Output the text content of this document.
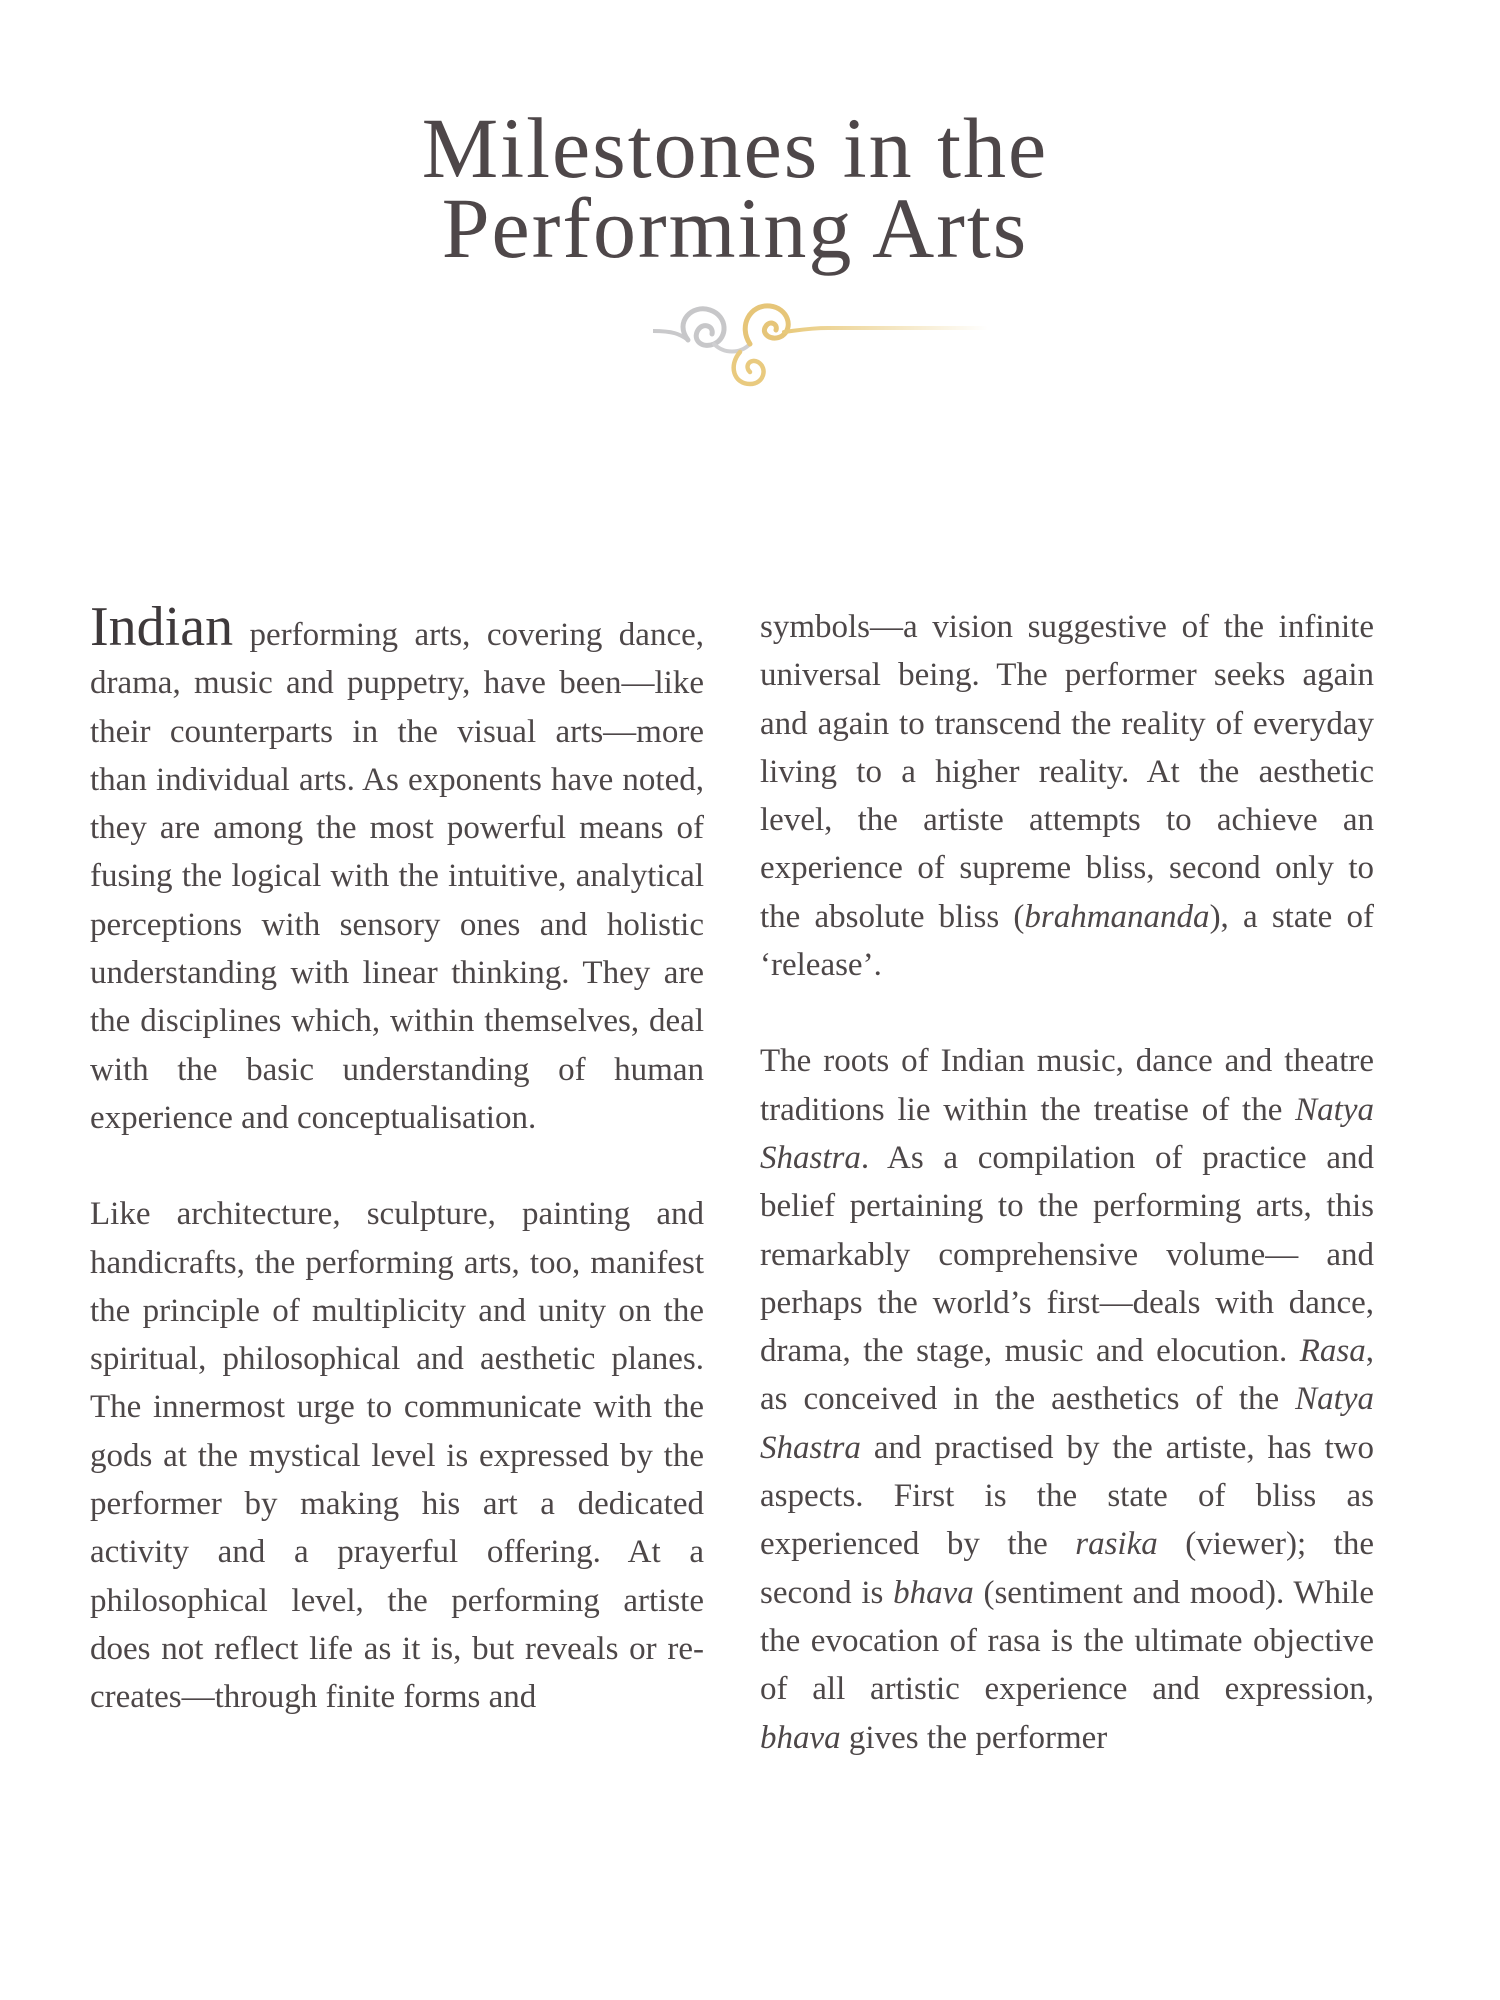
Milestones in the
Performing Arts

Indian performing arts, covering dance, drama, music and puppetry, have been—like their counterparts in the visual arts—more than individual arts. As exponents have noted, they are among the most powerful means of fusing the logical with the intuitive, analytical perceptions with sensory ones and holistic understanding with linear thinking. They are the disciplines which, within themselves, deal with the basic understanding of human experience and conceptualisation.

Like architecture, sculpture, painting and handicrafts, the performing arts, too, manifest the principle of multiplicity and unity on the spiritual, philosophical and aesthetic planes. The innermost urge to communicate with the gods at the mystical level is expressed by the performer by making his art a dedicated activity and a prayerful offering. At a philosophical level, the performing artiste does not reflect life as it is, but reveals or re-creates—through finite forms and

symbols—a vision suggestive of the infinite universal being. The performer seeks again and again to transcend the reality of everyday living to a higher reality. At the aesthetic level, the artiste attempts to achieve an experience of supreme bliss, second only to the absolute bliss (brahmananda), a state of ‘release’.

The roots of Indian music, dance and theatre traditions lie within the treatise of the Natya Shastra. As a compilation of practice and belief pertaining to the performing arts, this remarkably comprehensive volume— and perhaps the world’s first—deals with dance, drama, the stage, music and elocution. Rasa, as conceived in the aesthetics of the Natya Shastra and practised by the artiste, has two aspects. First is the state of bliss as experienced by the rasika (viewer); the second is bhava (sentiment and mood). While the evocation of rasa is the ultimate objective of all artistic experience and expression, bhava gives the performer
